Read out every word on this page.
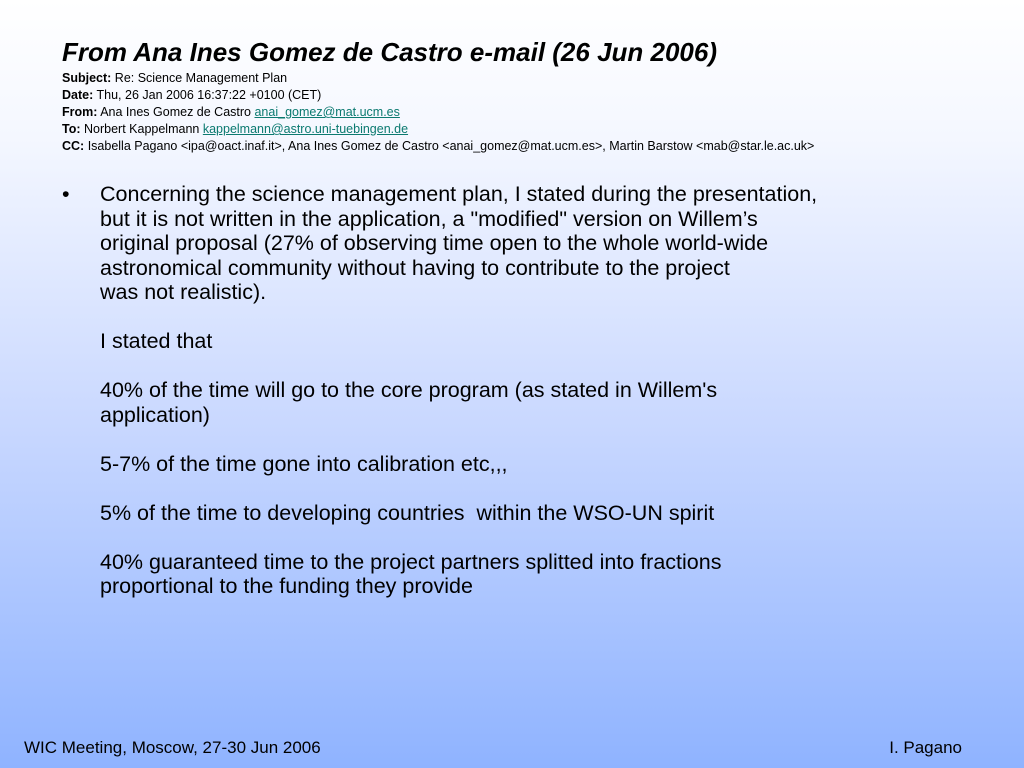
From Ana Ines Gomez de Castro e-mail (26 Jun 2006)
Subject: Re: Science Management Plan
Date: Thu, 26 Jan 2006 16:37:22 +0100 (CET)
From: Ana Ines Gomez de Castro anai_gomez@mat.ucm.es
To: Norbert Kappelmann kappelmann@astro.uni-tuebingen.de
CC: Isabella Pagano <ipa@oact.inaf.it>, Ana Ines Gomez de Castro <anai_gomez@mat.ucm.es>, Martin Barstow <mab@star.le.ac.uk>
• Concerning the science management plan, I stated during the presentation,
but it is not written in the application, a "modified" version on Willem’s
original proposal (27% of observing time open to the whole world-wide
astronomical community without having to contribute to the project
was not realistic).

I stated that

40% of the time will go to the core program (as stated in Willem's
application)

5-7% of the time gone into calibration etc,,,

5% of the time to developing countries  within the WSO-UN spirit

40% guaranteed time to the project partners splitted into fractions
proportional to the funding they provide

WIC Meeting, Moscow, 27-30 Jun 2006	I. Pagano
